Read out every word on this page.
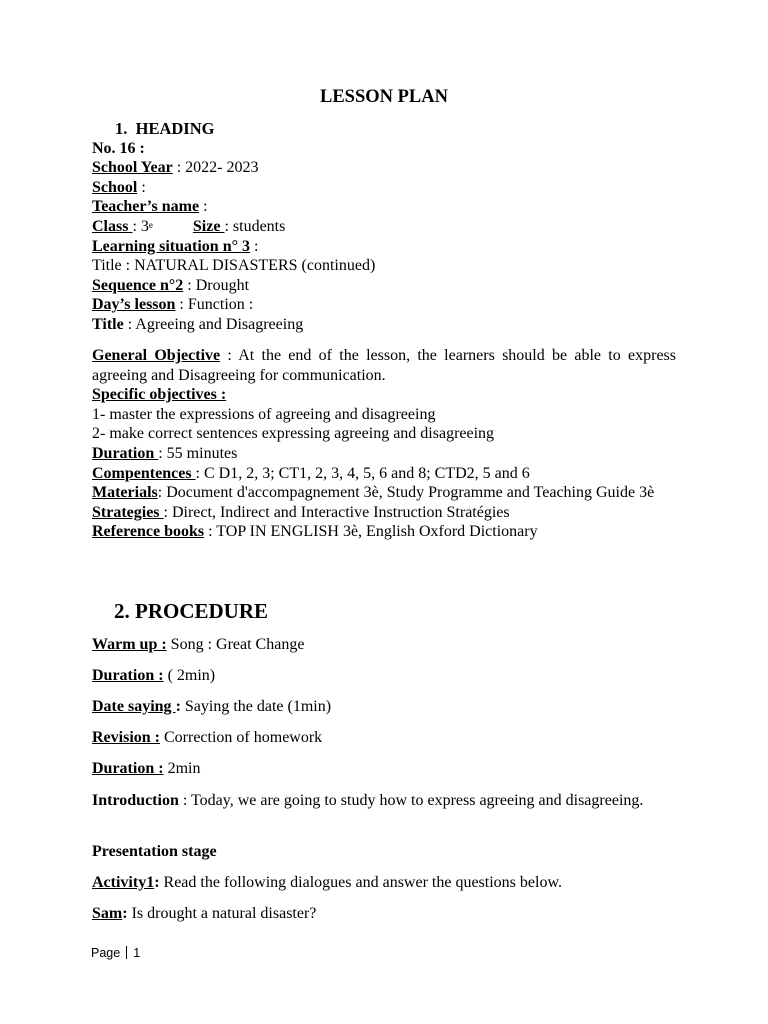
LESSON PLAN
1. HEADING
No. 16 :
School Year : 2022- 2023
School :
Teacher’s name :
Class : 3e	Size : students
Learning situation n° 3 :
Title : NATURAL DISASTERS (continued)
Sequence n°2 : Drought
Day’s lesson : Function :
Title : Agreeing and Disagreeing
General Objective : At the end of the lesson, the learners should be able to express agreeing and Disagreeing for communication.
Specific objectives :
1- master the expressions of agreeing and disagreeing
2- make correct sentences expressing agreeing and disagreeing
Duration : 55 minutes
Compentences : C D1, 2, 3; CT1, 2, 3, 4, 5, 6 and 8; CTD2, 5 and 6
Materials: Document d'accompagnement 3è, Study Programme and Teaching Guide 3è
Strategies : Direct, Indirect and Interactive Instruction Stratégies
Reference books : TOP IN ENGLISH 3è, English Oxford Dictionary
2. PROCEDURE
Warm up : Song : Great Change
Duration : ( 2min)
Date saying : Saying the date (1min)
Revision : Correction of homework
Duration : 2min
Introduction : Today, we are going to study how to express agreeing and disagreeing.
Presentation stage
Activity1: Read the following dialogues and answer the questions below.
Sam: Is drought a natural disaster?
Page 1
